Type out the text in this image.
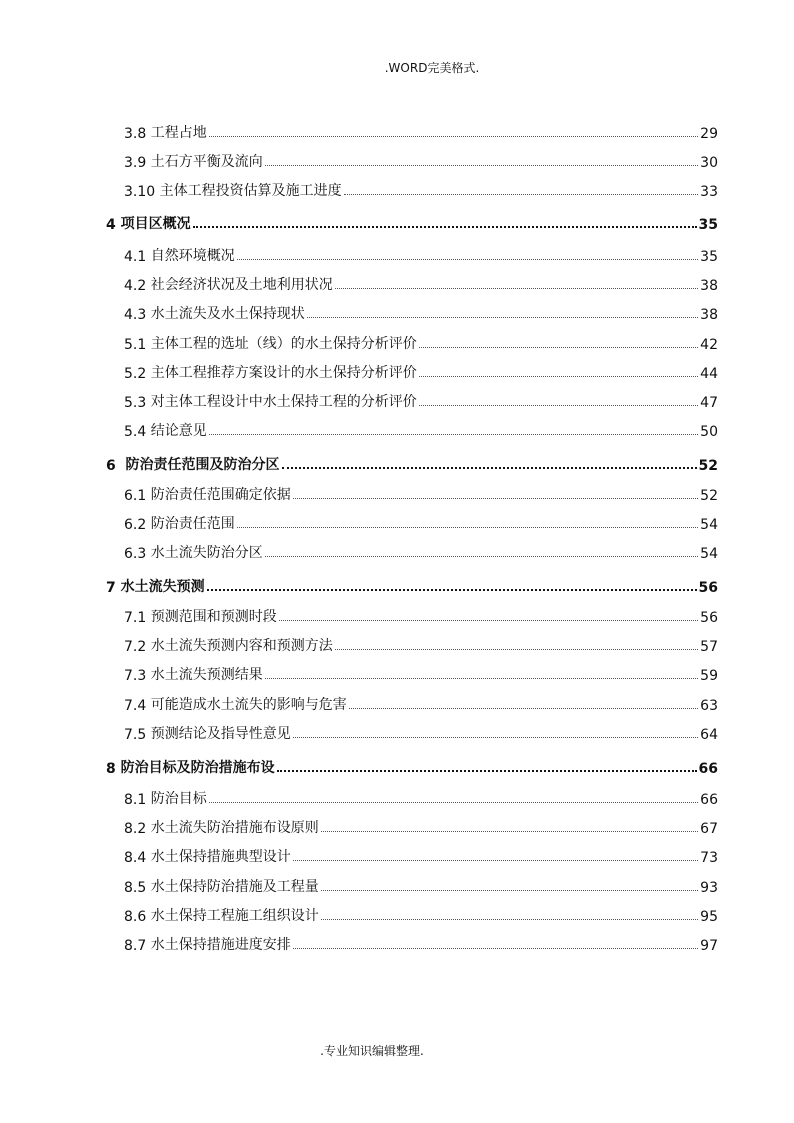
.WORD完美格式.
3.8 工程占地	29
3.9 土石方平衡及流向	30
3.10 主体工程投资估算及施工进度	33
4 项目区概况	35
4.1 自然环境概况	35
4.2 社会经济状况及土地利用状况	38
4.3 水土流失及水土保持现状	38
5.1 主体工程的选址（线）的水土保持分析评价	42
5.2 主体工程推荐方案设计的水土保持分析评价	44
5.3 对主体工程设计中水土保持工程的分析评价	47
5.4 结论意见	50
6 防治责任范围及防治分区	52
6.1 防治责任范围确定依据	52
6.2 防治责任范围	54
6.3 水土流失防治分区	54
7 水土流失预测	56
7.1 预测范围和预测时段	56
7.2 水土流失预测内容和预测方法	57
7.3 水土流失预测结果	59
7.4 可能造成水土流失的影响与危害	63
7.5 预测结论及指导性意见	64
8 防治目标及防治措施布设	66
8.1 防治目标	66
8.2 水土流失防治措施布设原则	67
8.4 水土保持措施典型设计	73
8.5 水土保持防治措施及工程量	93
8.6 水土保持工程施工组织设计	95
8.7 水土保持措施进度安排	97
.专业知识编辑整理.
